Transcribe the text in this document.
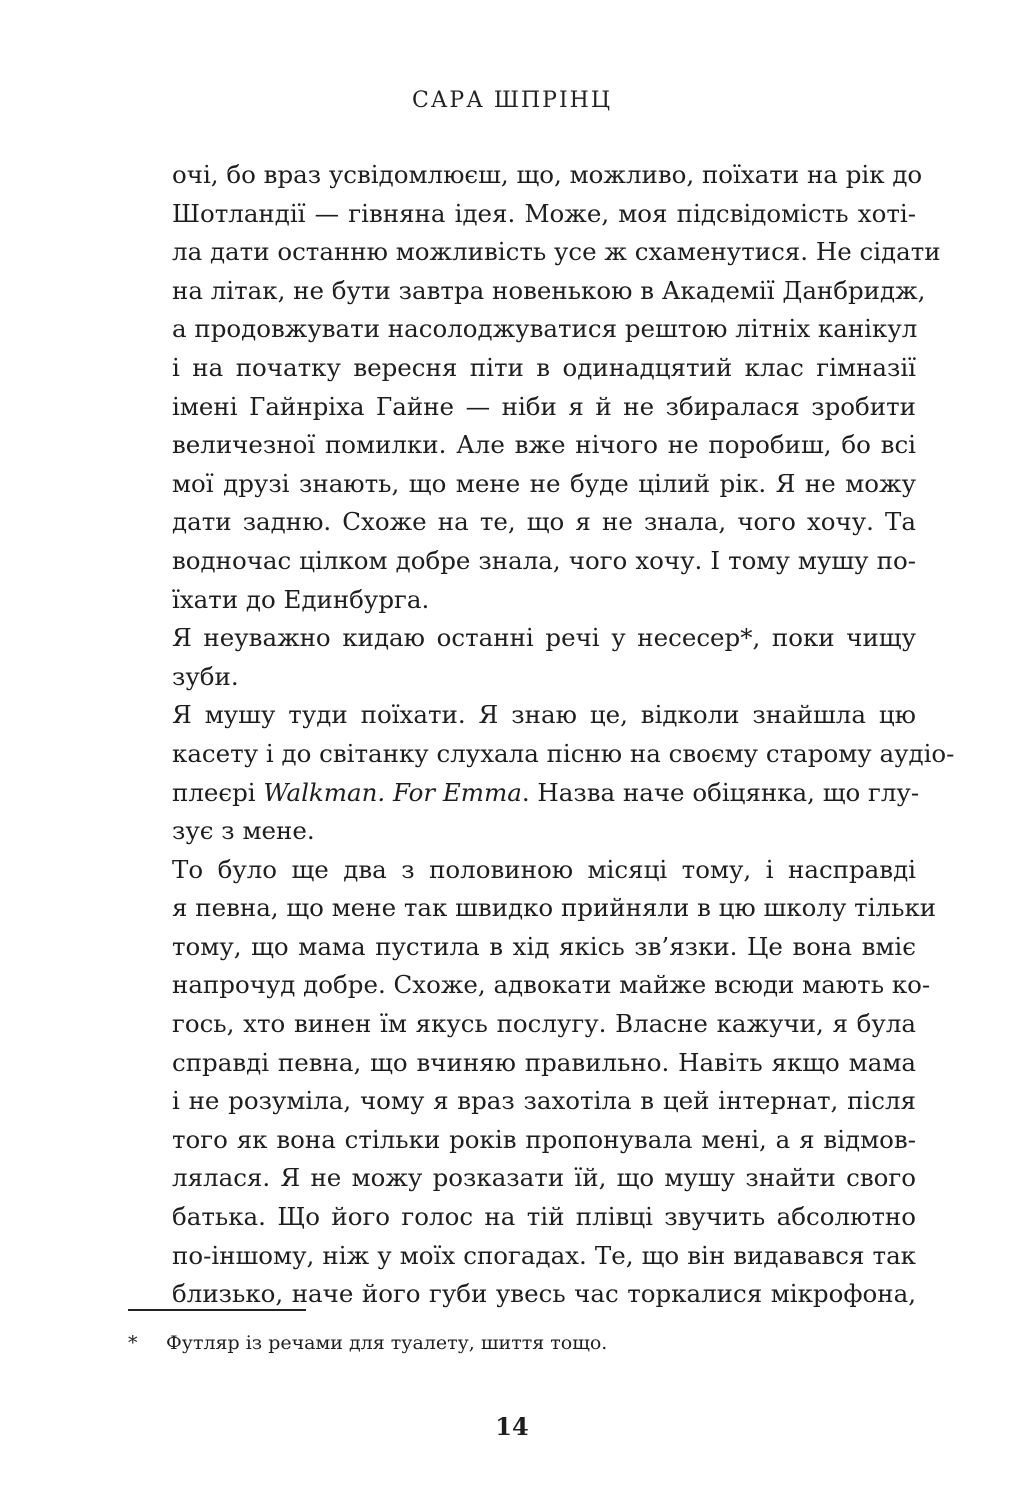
САРА ШПРІНЦ

очі, бо враз усвідомлюєш, що, можливо, поїхати на рік до
Шотландії — гівняна ідея. Може, моя підсвідомість хоті-
ла дати останню можливість усе ж схаменутися. Не сідати
на літак, не бути завтра новенькою в Академії Данбридж,
а продовжувати насолоджуватися рештою літніх канікул
і на початку вересня піти в одинадцятий клас гімназії
імені Гайнріха Гайне — ніби я й не збиралася зробити
величезної помилки. Але вже нічого не поробиш, бо всі
мої друзі знають, що мене не буде цілий рік. Я не можу
дати задню. Схоже на те, що я не знала, чого хочу. Та
водночас цілком добре знала, чого хочу. І тому мушу по-
їхати до Единбурга.

Я неуважно кидаю останні речі у несесер*, поки чищу
зуби.

Я мушу туди поїхати. Я знаю це, відколи знайшла цю
касету і до світанку слухала пісню на своєму старому аудіо-
плеєрі Walkman. For Emma. Назва наче обіцянка, що глу-
зує з мене.

То було ще два з половиною місяці тому, і насправді
я певна, що мене так швидко прийняли в цю школу тільки
тому, що мама пустила в хід якісь зв’язки. Це вона вміє
напрочуд добре. Схоже, адвокати майже всюди мають ко-
гось, хто винен їм якусь послугу. Власне кажучи, я була
справді певна, що вчиняю правильно. Навіть якщо мама
і не розуміла, чому я враз захотіла в цей інтернат, після
того як вона стільки років пропонувала мені, а я відмов-
лялася. Я не можу розказати їй, що мушу знайти свого
батька. Що його голос на тій плівці звучить абсолютно
по-іншому, ніж у моїх спогадах. Те, що він видавався так
близько, наче його губи увесь час торкалися мікрофона,

*	Футляр із речами для туалету, шиття тощо.
14
